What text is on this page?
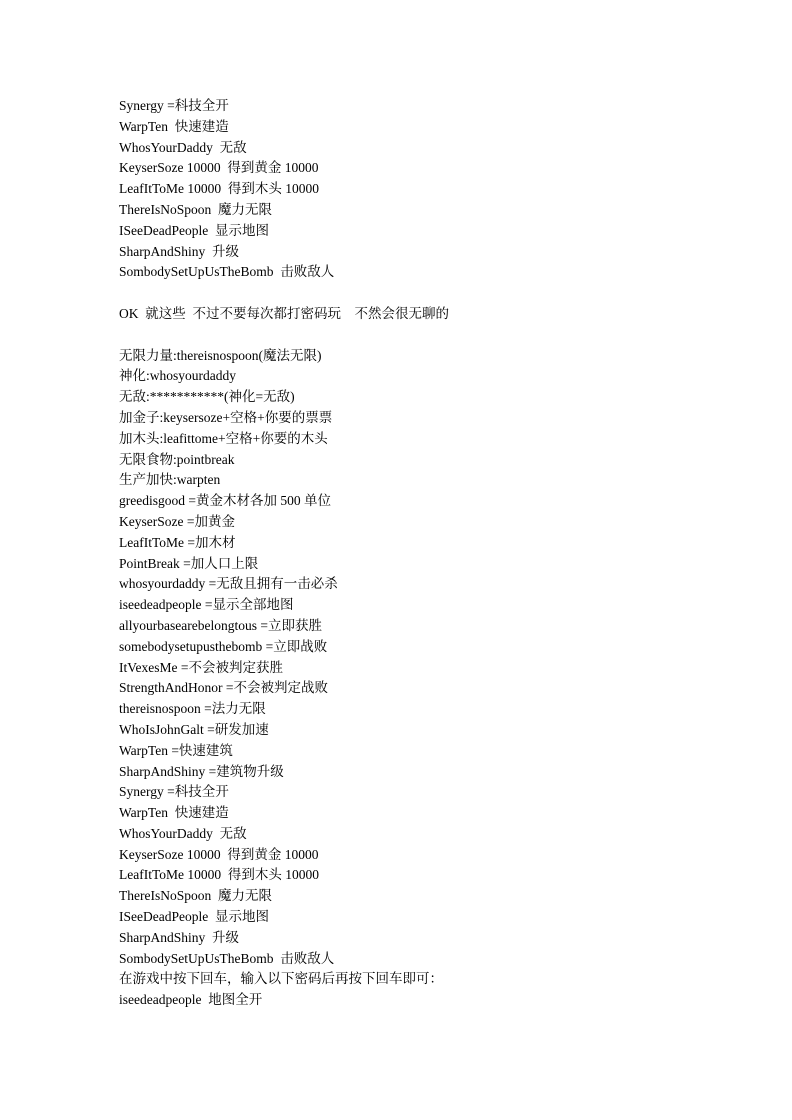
Synergy =科技全开
WarpTen  快速建造
WhosYourDaddy  无敌
KeyserSoze 10000  得到黄金 10000
LeafItToMe 10000  得到木头 10000
ThereIsNoSpoon  魔力无限
ISeeDeadPeople  显示地图
SharpAndShiny  升级
SombodySetUpUsTheBomb  击败敌人
OK  就这些  不过不要每次都打密码玩    不然会很无聊的
无限力量:thereisnospoon(魔法无限)
神化:whosyourdaddy
无敌:***********(神化=无敌)
加金子:keysersoze+空格+你要的票票
加木头:leafittome+空格+你要的木头
无限食物:pointbreak
生产加快:warpten
greedisgood =黄金木材各加 500 单位
KeyserSoze =加黄金
LeafItToMe =加木材
PointBreak =加人口上限
whosyourdaddy =无敌且拥有一击必杀
iseedeadpeople =显示全部地图
allyourbasearebelongtous =立即获胜
somebodysetupusthebomb =立即战败
ItVexesMe =不会被判定获胜
StrengthAndHonor =不会被判定战败
thereisnospoon =法力无限
WhoIsJohnGalt =研发加速
WarpTen =快速建筑
SharpAndShiny =建筑物升级
Synergy =科技全开
WarpTen  快速建造
WhosYourDaddy  无敌
KeyserSoze 10000  得到黄金 10000
LeafItToMe 10000  得到木头 10000
ThereIsNoSpoon  魔力无限
ISeeDeadPeople  显示地图
SharpAndShiny  升级
SombodySetUpUsTheBomb  击败敌人
在游戏中按下回车，输入以下密码后再按下回车即可：
iseedeadpeople  地图全开
